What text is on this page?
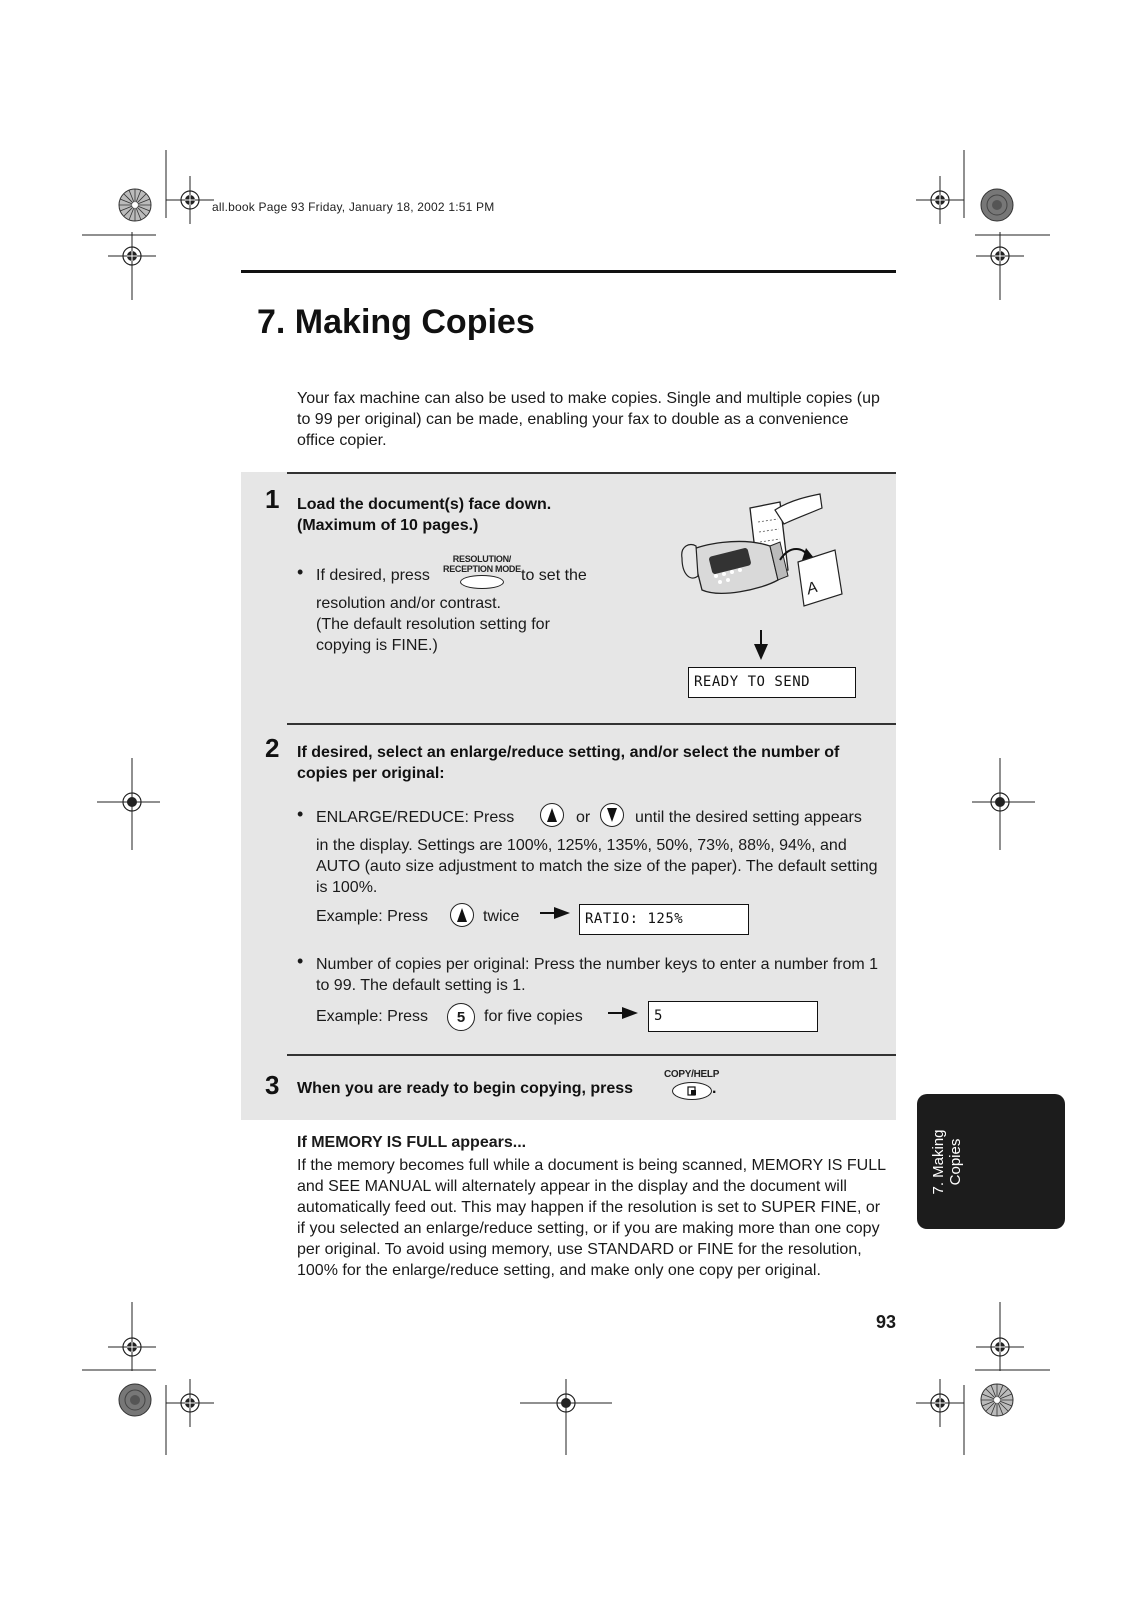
all.book Page 93 Friday, January 18, 2002 1:51 PM
7. Making Copies

Your fax machine can also be used to make copies. Single and multiple copies (up to 99 per original) can be made, enabling your fax to double as a convenience office copier.

1 Load the document(s) face down.
(Maximum of 10 pages.)
• If desired, press
RESOLUTION/
RECEPTION MODE to set the
resolution and/or contrast.
(The default resolution setting for
copying is FINE.)
A
READY TO SEND
2 If desired, select an enlarge/reduce setting, and/or select the number of copies per original:
• ENLARGE/REDUCE: Press	or	until the desired setting appears
in the display. Settings are 100%, 125%, 135%, 50%, 73%, 88%, 94%, and AUTO (auto size adjustment to match the size of the paper). The default setting is 100%.
Example: Press	twice	RATIO: 125%
• Number of copies per original: Press the number keys to enter a number from 1 to 99. The default setting is 1.
Example: Press	5	for five copies	5
3 When you are ready to begin copying, press
COPY/HELP
.
If MEMORY IS FULL appears...

If the memory becomes full while a document is being scanned, MEMORY IS FULL and SEE MANUAL will alternately appear in the display and the document will automatically feed out. This may happen if the resolution is set to SUPER FINE, or if you selected an enlarge/reduce setting, or if you are making more than one copy per original. To avoid using memory, use STANDARD or FINE for the resolution, 100% for the enlarge/reduce setting, and make only one copy per original.

7. Making Copies
93
